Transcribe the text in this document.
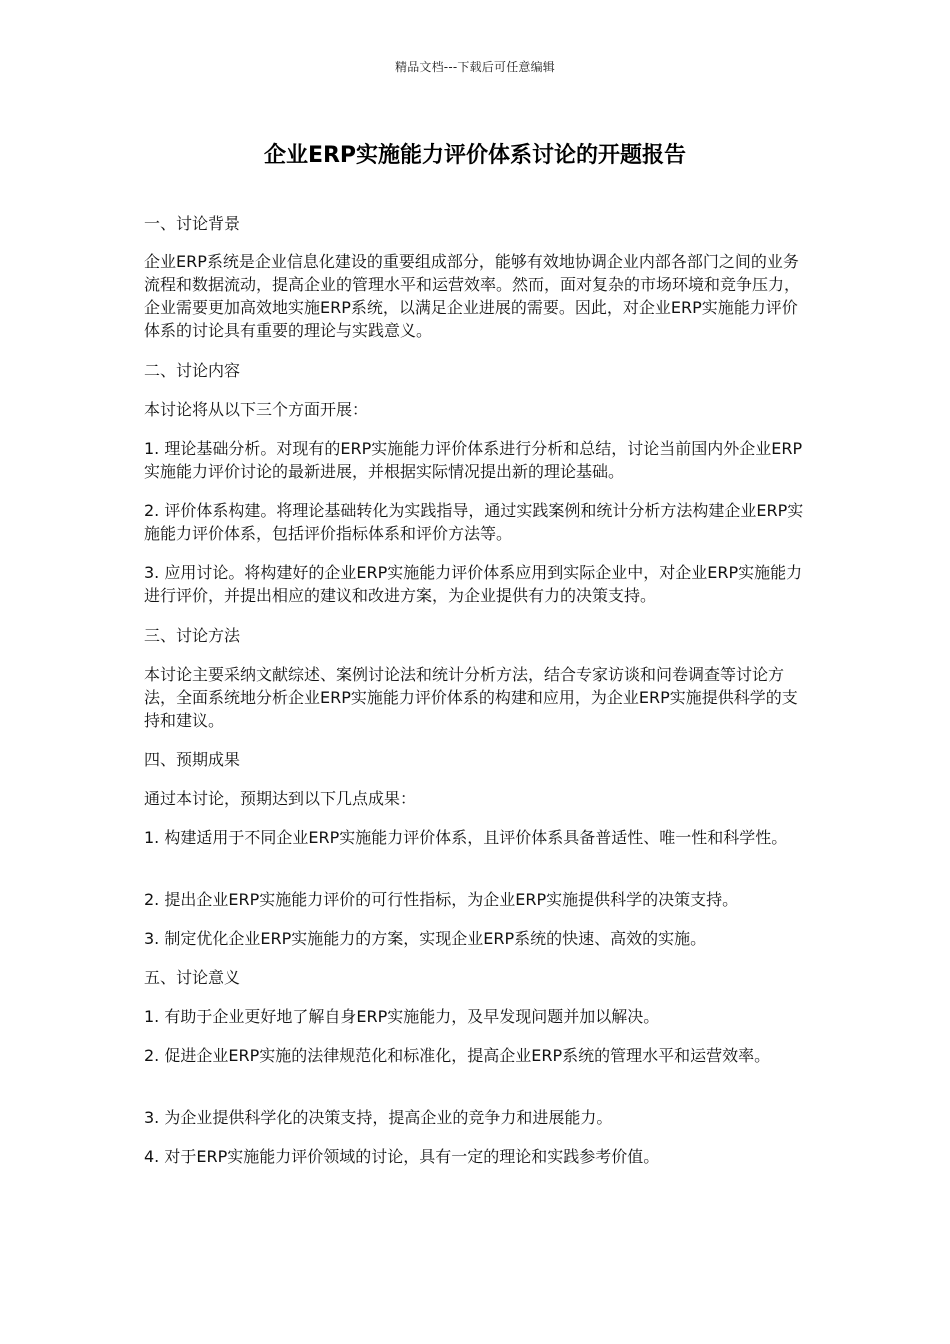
精品文档---下载后可任意编辑
企业ERP实施能力评价体系讨论的开题报告

一、讨论背景

企业ERP系统是企业信息化建设的重要组成部分，能够有效地协调企业内部各部门之间的业务流程和数据流动，提高企业的管理水平和运营效率。然而，面对复杂的市场环境和竞争压力，企业需要更加高效地实施ERP系统，以满足企业进展的需要。因此，对企业ERP实施能力评价体系的讨论具有重要的理论与实践意义。

二、讨论内容

本讨论将从以下三个方面开展：

1. 理论基础分析。对现有的ERP实施能力评价体系进行分析和总结，讨论当前国内外企业ERP实施能力评价讨论的最新进展，并根据实际情况提出新的理论基础。

2. 评价体系构建。将理论基础转化为实践指导，通过实践案例和统计分析方法构建企业ERP实施能力评价体系，包括评价指标体系和评价方法等。

3. 应用讨论。将构建好的企业ERP实施能力评价体系应用到实际企业中，对企业ERP实施能力进行评价，并提出相应的建议和改进方案，为企业提供有力的决策支持。

三、讨论方法

本讨论主要采纳文献综述、案例讨论法和统计分析方法，结合专家访谈和问卷调查等讨论方法，全面系统地分析企业ERP实施能力评价体系的构建和应用，为企业ERP实施提供科学的支持和建议。

四、预期成果

通过本讨论，预期达到以下几点成果：

1. 构建适用于不同企业ERP实施能力评价体系，且评价体系具备普适性、唯一性和科学性。

2. 提出企业ERP实施能力评价的可行性指标，为企业ERP实施提供科学的决策支持。

3. 制定优化企业ERP实施能力的方案，实现企业ERP系统的快速、高效的实施。

五、讨论意义

1. 有助于企业更好地了解自身ERP实施能力，及早发现问题并加以解决。

2. 促进企业ERP实施的法律规范化和标准化，提高企业ERP系统的管理水平和运营效率。

3. 为企业提供科学化的决策支持，提高企业的竞争力和进展能力。

4. 对于ERP实施能力评价领域的讨论，具有一定的理论和实践参考价值。
